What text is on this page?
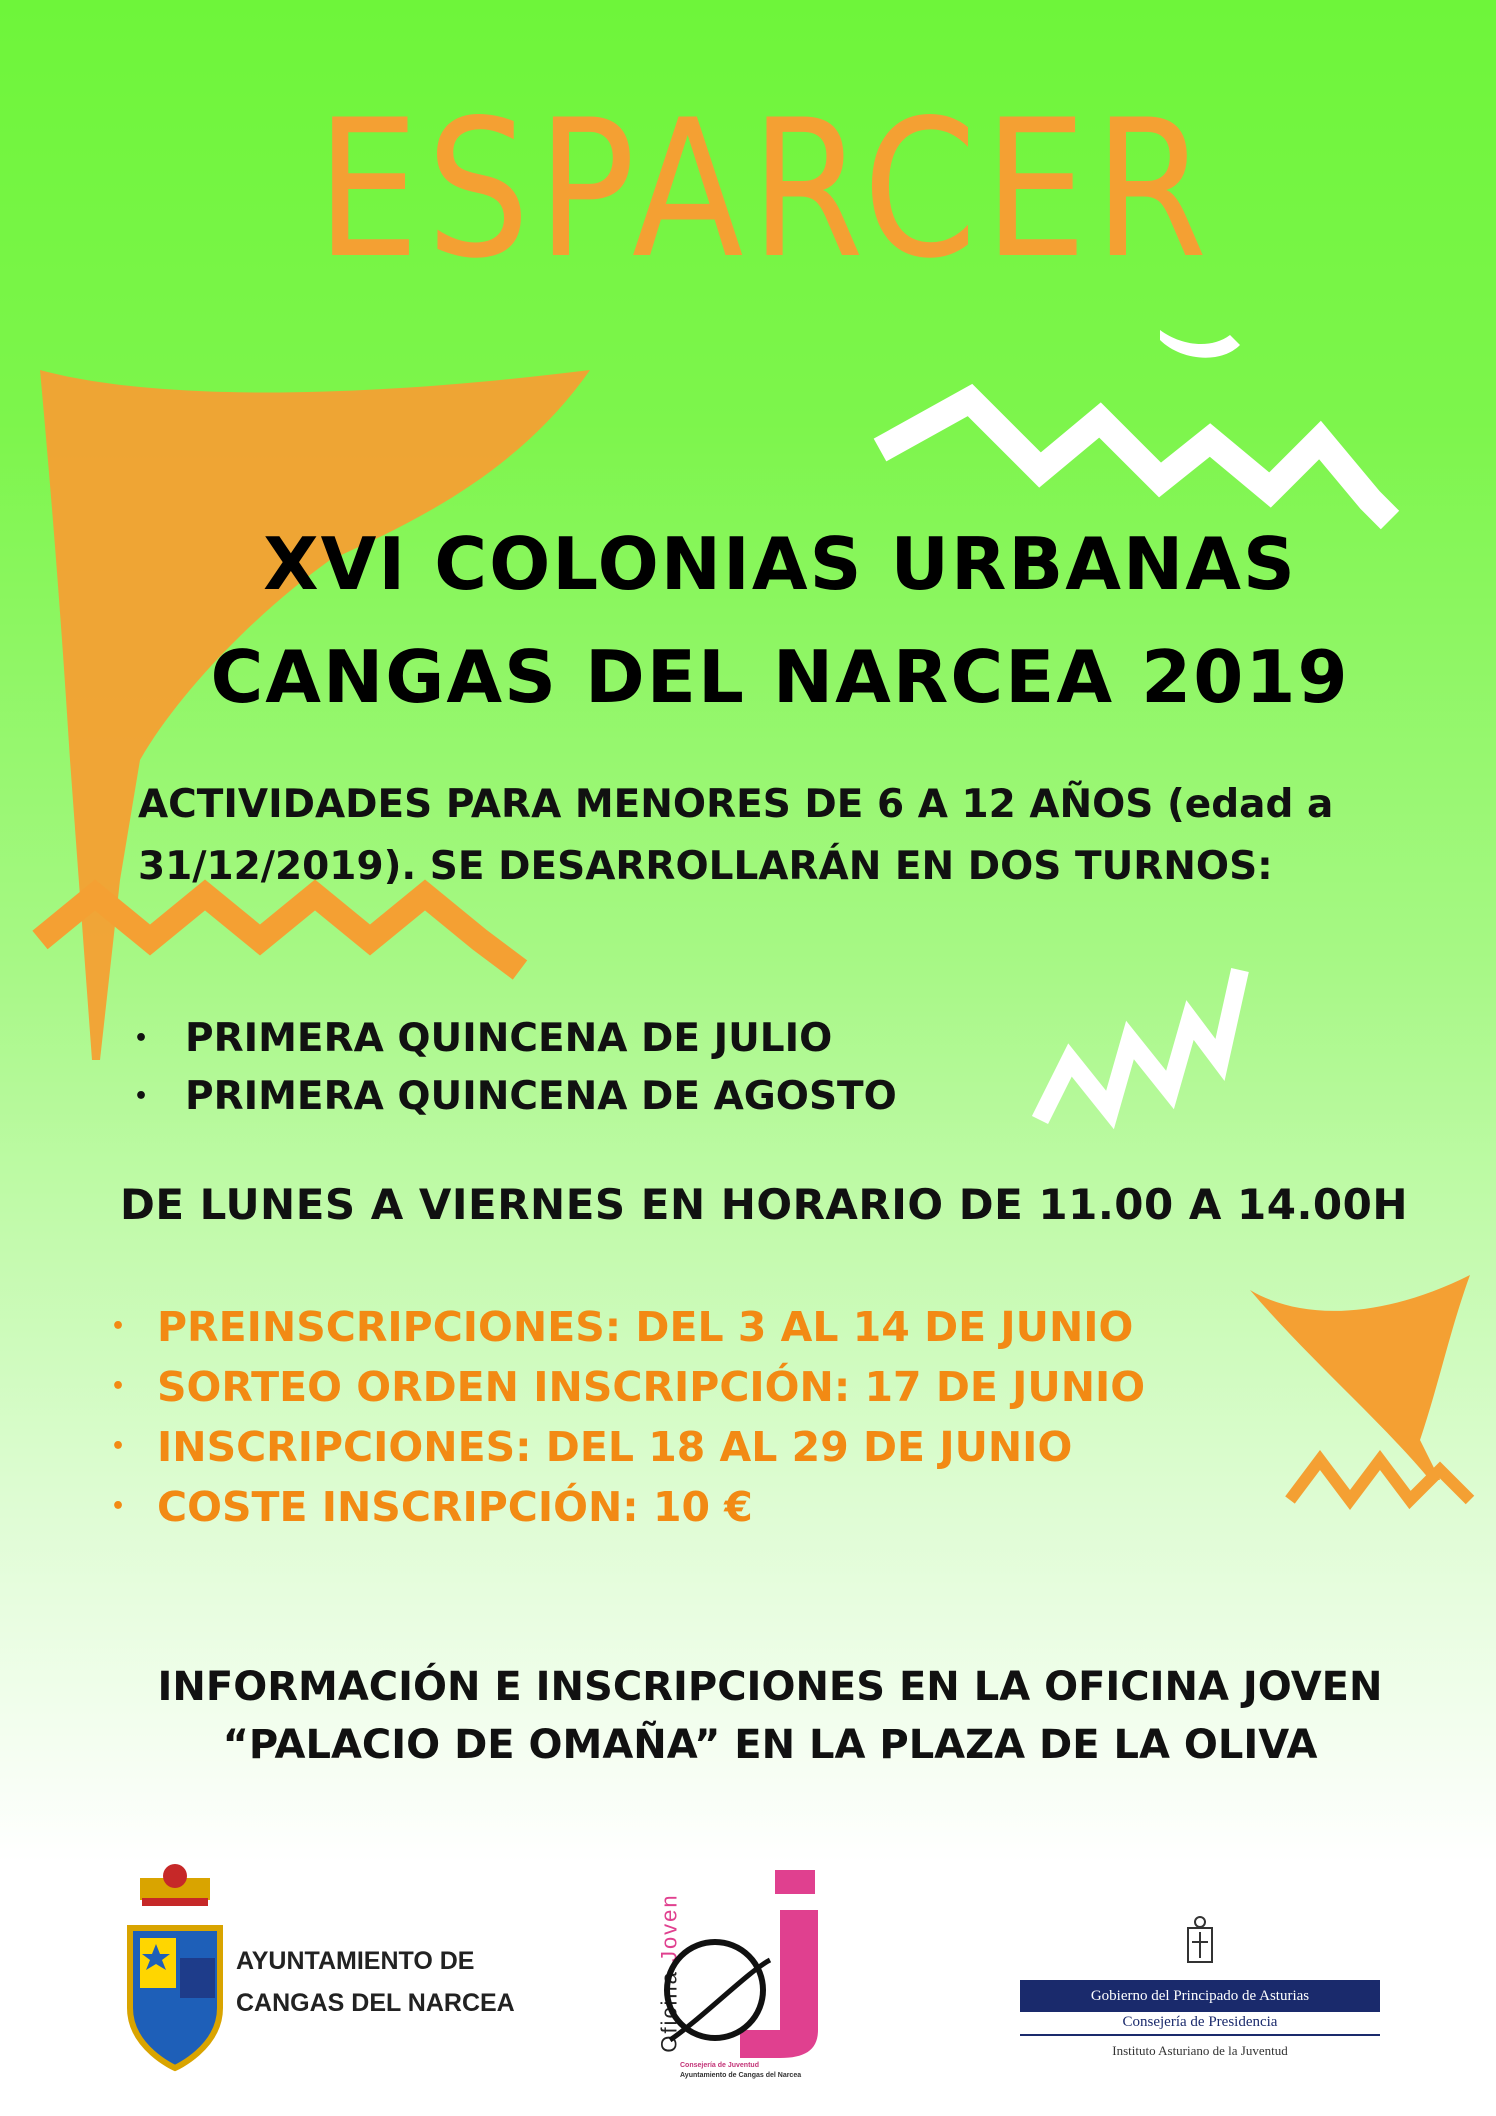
ESPARCER
XVI COLONIAS URBANAS
CANGAS DEL NARCEA 2019
ACTIVIDADES PARA MENORES DE 6 A 12 AÑOS (edad a
31/12/2019). SE DESARROLLARÁN EN DOS TURNOS:
• PRIMERA QUINCENA DE JULIO
• PRIMERA QUINCENA DE AGOSTO
DE LUNES A VIERNES EN HORARIO DE 11.00 A 14.00H
• PREINSCRIPCIONES: DEL 3 AL 14 DE JUNIO
• SORTEO ORDEN INSCRIPCIÓN: 17 DE JUNIO
• INSCRIPCIONES: DEL 18 AL 29 DE JUNIO
• COSTE INSCRIPCIÓN: 10 €
INFORMACIÓN E INSCRIPCIONES EN LA OFICINA JOVEN
“PALACIO DE OMAÑA” EN LA PLAZA DE LA OLIVA
AYUNTAMIENTO DE
CANGAS DEL NARCEA	Oficina Joven
Consejería de Juventud
Ayuntamiento de Cangas del Narcea
Gobierno del Principado de Asturias
Consejería de Presidencia
Instituto Asturiano de la Juventud
